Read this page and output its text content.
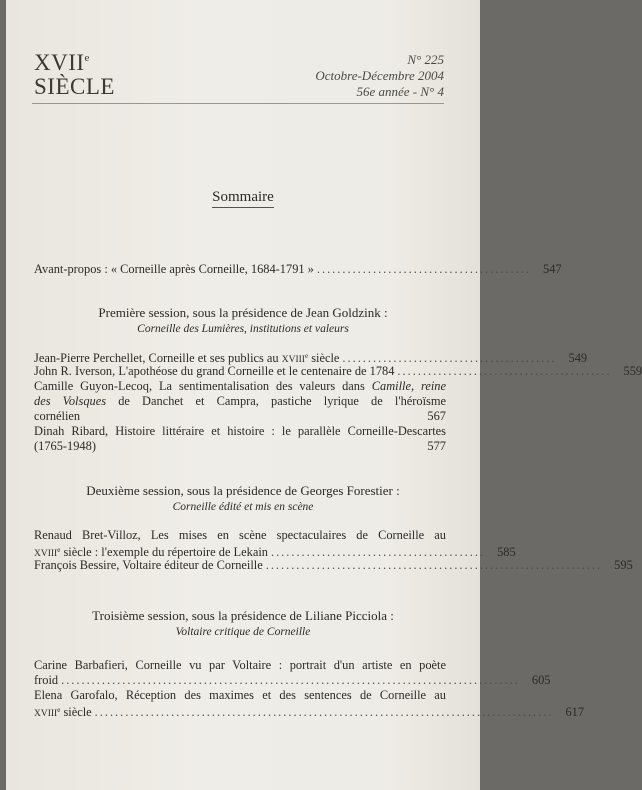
XVIIe
SIÈCLE
N° 225
Octobre-Décembre 2004
56e année - N° 4
Sommaire
Avant-propos : « Corneille après Corneille, 1684-1791 » .......................................... 547
Première session, sous la présidence de Jean Goldzink :
Corneille des Lumières, institutions et valeurs
Jean-Pierre Perchellet, Corneille et ses publics au XVIIIe siècle .......................................... 549
John R. Iverson, L'apothéose du grand Corneille et le centenaire de 1784 .......................................... 559
Camille Guyon-Lecoq, La sentimentalisation des valeurs dans Camille, reine
des Volsques de Danchet et Campra, pastiche lyrique de l'héroïsme
cornélien	567
Dinah Ribard, Histoire littéraire et histoire : le parallèle Corneille-Descartes
(1765-1948)	577
Deuxième session, sous la présidence de Georges Forestier :
Corneille édité et mis en scène
Renaud Bret-Villoz, Les mises en scène spectaculaires de Corneille au
XVIIIe siècle : l'exemple du répertoire de Lekain .......................................... 585
François Bessire, Voltaire éditeur de Corneille .................................................................. 595
Troisième session, sous la présidence de Liliane Picciola :
Voltaire critique de Corneille
Carine Barbafieri, Corneille vu par Voltaire : portrait d'un artiste en poète
froid .......................................................................................... 605
Elena Garofalo, Réception des maximes et des sentences de Corneille au
XVIIIe siècle .......................................................................................... 617
